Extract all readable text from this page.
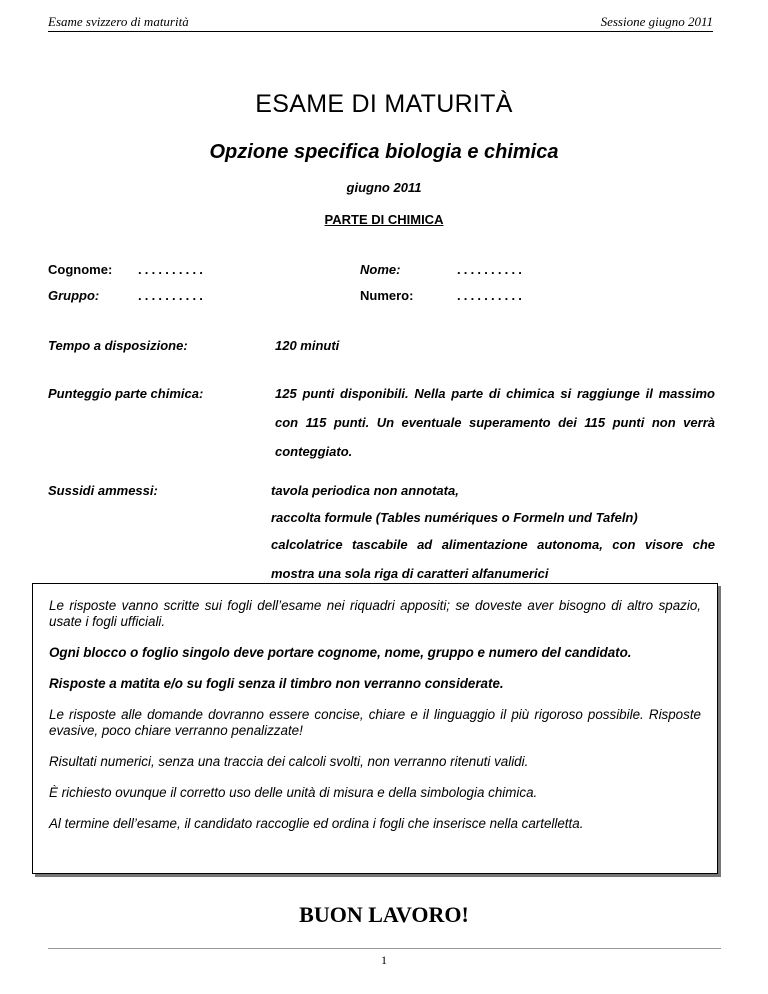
Esame svizzero di maturità	Sessione giugno 2011
ESAME DI MATURITÀ
Opzione specifica biologia e chimica
giugno 2011
PARTE DI CHIMICA
Cognome: ..........	Nome:	..........
Gruppo:	..........	Numero:	..........
Tempo a disposizione:	120 minuti
Punteggio parte chimica:	125 punti disponibili. Nella parte di chimica si raggiunge il massimo con 115 punti. Un eventuale superamento dei 115 punti non verrà conteggiato.
Sussidi ammessi:	tavola periodica non annotata,
raccolta formule (Tables numériques o Formeln und Tafeln)
calcolatrice tascabile ad alimentazione autonoma, con visore che mostra una sola riga di caratteri alfanumerici

Le risposte vanno scritte sui fogli dell’esame nei riquadri appositi; se doveste aver bisogno di altro spazio, usate i fogli ufficiali.

Ogni blocco o foglio singolo deve portare cognome, nome, gruppo e numero del candidato.

Risposte a matita e/o su fogli senza il timbro non verranno considerate.

Le risposte alle domande dovranno essere concise, chiare e il linguaggio il più rigoroso possibile. Risposte evasive, poco chiare verranno penalizzate!

Risultati numerici, senza una traccia dei calcoli svolti, non verranno ritenuti validi.

È richiesto ovunque il corretto uso delle unità di misura e della simbologia chimica.

Al termine dell’esame, il candidato raccoglie ed ordina i fogli che inserisce nella cartelletta.

BUON LAVORO!
1
